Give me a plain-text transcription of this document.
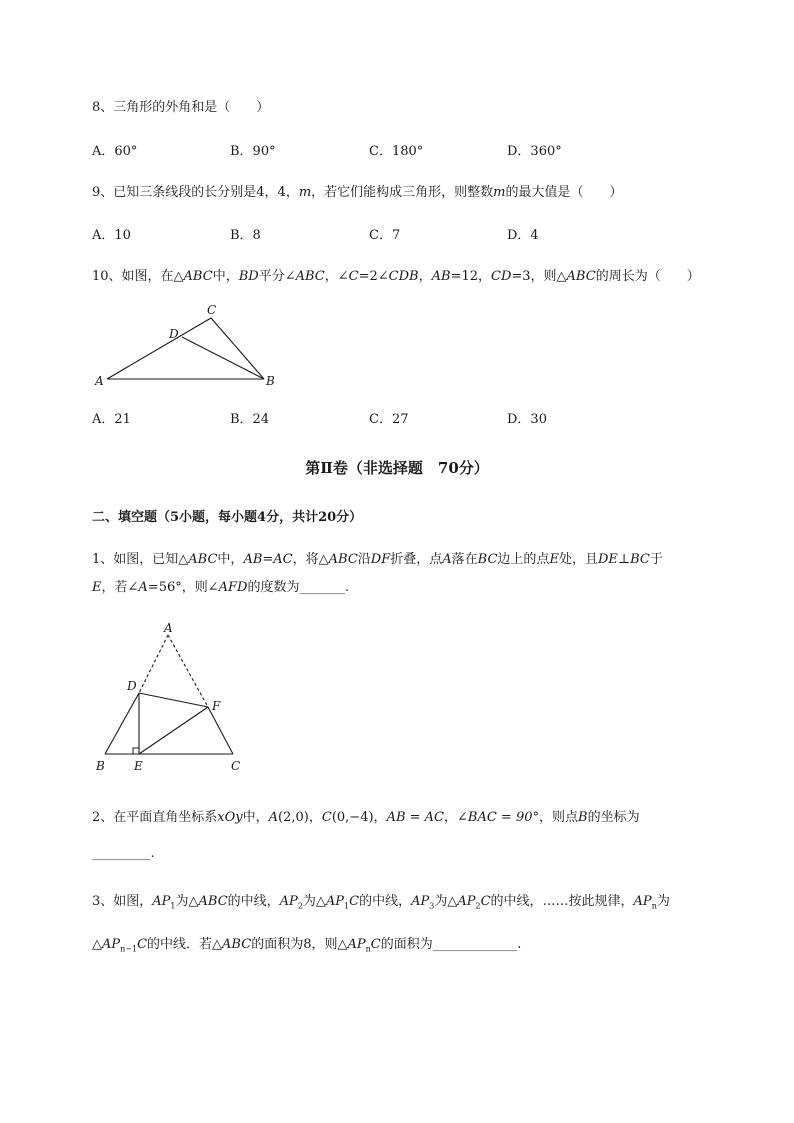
8、三角形的外角和是（　　）
A．60°	B．90°	C．180°	D．360°
9、已知三条线段的长分别是4，4，m，若它们能构成三角形，则整数m的最大值是（　　）
A．10	B．8	C．7	D．4
10、如图，在△ABC中，BD平分∠ABC，∠C=2∠CDB，AB=12，CD=3，则△ABC的周长为（　　）
A	B
C
D
A．21	B．24	C．27	D．30
第Ⅱ卷（非选择题　70分）
二、填空题（5小题，每小题4分，共计20分）
1、如图，已知△ABC中，AB=AC，将△ABC沿DF折叠，点A落在BC边上的点E处，且DE⊥BC于
E，若∠A=56°，则∠AFD的度数为_______.
A
D
F
B E	C
2、在平面直角坐标系xOy中，A(2,0)，C(0,−4)，AB = AC，∠BAC = 90°，则点B的坐标为
_________.
3、如图，$AP_1$为△ABC的中线，$AP_2$为$\triangle AP_1C$的中线，$AP_3$为$\triangle AP_2C$的中线，……按此规律，$AP_n$为
$\triangle AP_{n-1}C$的中线．若△ABC的面积为8，则$\triangle AP_nC$的面积为_____________.
